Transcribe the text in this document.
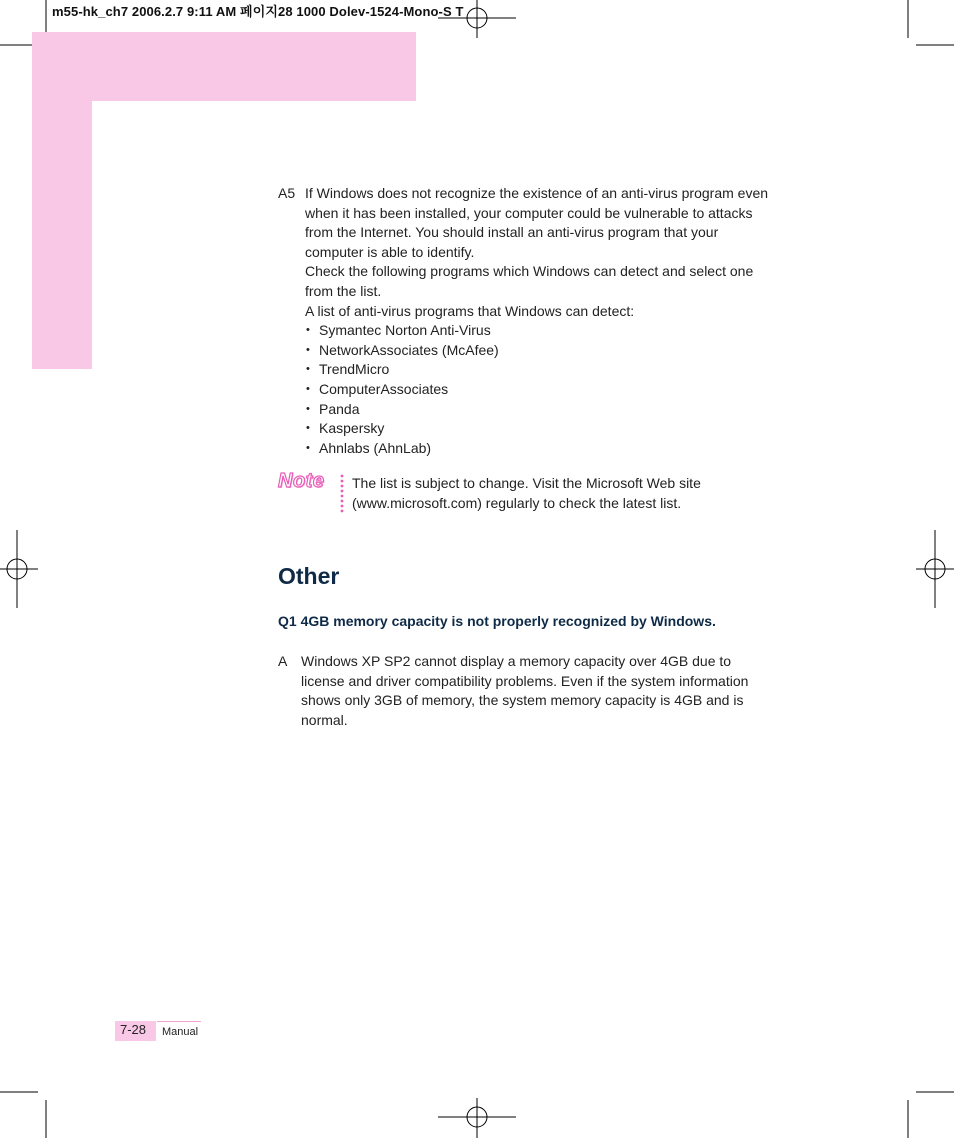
m55-hk_ch7 2006.2.7 9:11 AM 페이지28 1000 Dolev-1524-Mono-S T
A5 If Windows does not recognize the existence of an anti-virus program even when it has been installed, your computer could be vulnerable to attacks from the Internet. You should install an anti-virus program that your computer is able to identify.

Check the following programs which Windows can detect and select one from the list.

A list of anti-virus programs that Windows can detect:

• Symantec Norton Anti-Virus
• NetworkAssociates (McAfee)
• TrendMicro
• ComputerAssociates
• Panda
• Kaspersky
• Ahnlabs (AhnLab)
Note The list is subject to change. Visit the Microsoft Web site

(www.microsoft.com) regularly to check the latest list.

Other
Q1 4GB memory capacity is not properly recognized by Windows.
A Windows XP SP2 cannot display a memory capacity over 4GB due to license and driver compatibility problems. Even if the system information shows only 3GB of memory, the system memory capacity is 4GB and is normal.

7-28 Manual
